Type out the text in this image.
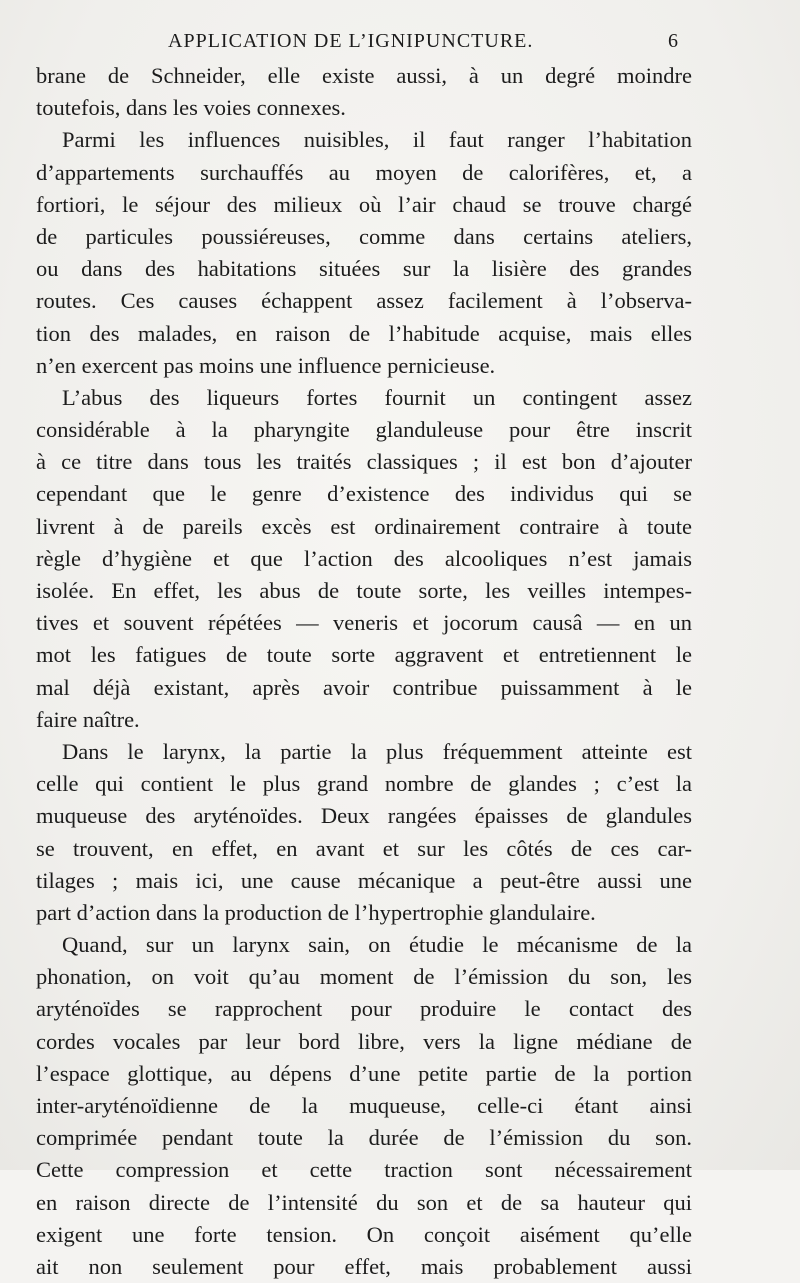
APPLICATION DE L’IGNIPUNCTURE.	6
brane de Schneider, elle existe aussi, à un degré moindre
toutefois, dans les voies connexes.
Parmi les influences nuisibles, il faut ranger l’habitation
d’appartements surchauffés au moyen de calorifères, et, a
fortiori, le séjour des milieux où l’air chaud se trouve chargé
de particules poussiéreuses, comme dans certains ateliers,
ou dans des habitations situées sur la lisière des grandes
routes. Ces causes échappent assez facilement à l’observa-
tion des malades, en raison de l’habitude acquise, mais elles
n’en exercent pas moins une influence pernicieuse.
L’abus des liqueurs fortes fournit un contingent assez
considérable à la pharyngite glanduleuse pour être inscrit
à ce titre dans tous les traités classiques ; il est bon d’ajouter
cependant que le genre d’existence des individus qui se
livrent à de pareils excès est ordinairement contraire à toute
règle d’hygiène et que l’action des alcooliques n’est jamais
isolée. En effet, les abus de toute sorte, les veilles intempes-
tives et souvent répétées — veneris et jocorum causâ — en un
mot les fatigues de toute sorte aggravent et entretiennent le
mal déjà existant, après avoir contribue puissamment à le
faire naître.
Dans le larynx, la partie la plus fréquemment atteinte est
celle qui contient le plus grand nombre de glandes ; c’est la
muqueuse des aryténoïdes. Deux rangées épaisses de glandules
se trouvent, en effet, en avant et sur les côtés de ces car-
tilages ; mais ici, une cause mécanique a peut-être aussi une
part d’action dans la production de l’hypertrophie glandulaire.
Quand, sur un larynx sain, on étudie le mécanisme de la
phonation, on voit qu’au moment de l’émission du son, les
aryténoïdes se rapprochent pour produire le contact des
cordes vocales par leur bord libre, vers la ligne médiane de
l’espace glottique, au dépens d’une petite partie de la portion
inter-aryténoïdienne de la muqueuse, celle-ci étant ainsi
comprimée pendant toute la durée de l’émission du son.
Cette compression et cette traction sont nécessairement
en raison directe de l’intensité du son et de sa hauteur qui
exigent une forte tension. On conçoit aisément qu’elle
ait non seulement pour effet, mais probablement aussi
